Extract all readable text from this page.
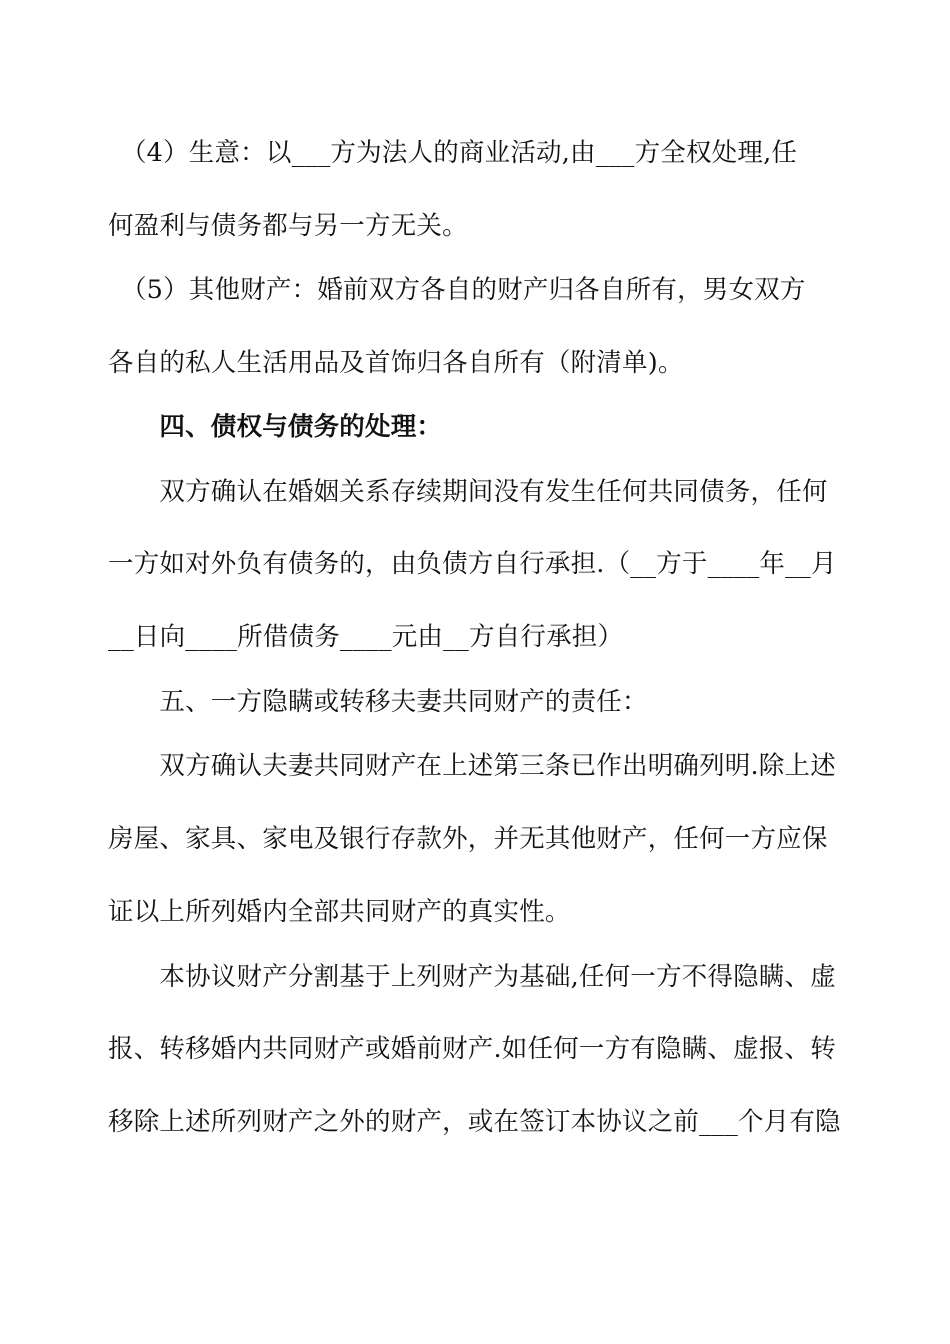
　（4）生意：以___方为法人的商业活动,由___方全权处理,任
何盈利与债务都与另一方无关。
　（5）其他财产：婚前双方各自的财产归各自所有，男女双方
各自的私人生活用品及首饰归各自所有（附清单)。
　　四、债权与债务的处理：
　　双方确认在婚姻关系存续期间没有发生任何共同债务，任何
一方如对外负有债务的，由负债方自行承担.（__方于____年__月
__日向____所借债务____元由__方自行承担）
　　五、一方隐瞒或转移夫妻共同财产的责任：
　　双方确认夫妻共同财产在上述第三条已作出明确列明.除上述
房屋、家具、家电及银行存款外，并无其他财产，任何一方应保
证以上所列婚内全部共同财产的真实性。
　　本协议财产分割基于上列财产为基础,任何一方不得隐瞒、虚
报、转移婚内共同财产或婚前财产.如任何一方有隐瞒、虚报、转
移除上述所列财产之外的财产，或在签订本协议之前___个月有隐
